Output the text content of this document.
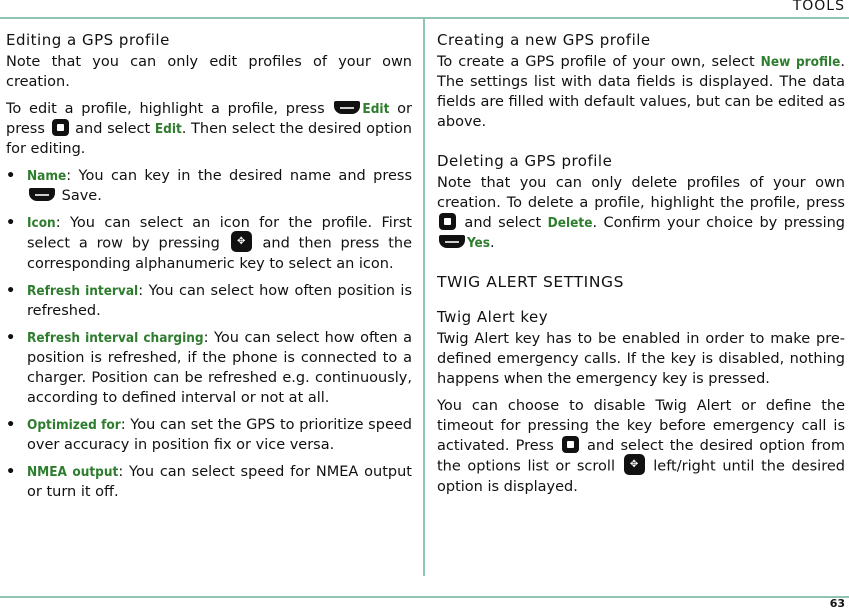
TOOLS
Editing a GPS profile

Note that you can only edit profiles of your own creation.

To edit a profile, highlight a profile, press Edit or press  and select Edit. Then select the desired option for editing.

• Name: You can key in the desired name and press  Save.
• Icon: You can select an icon for the profile. First select a row by pressing ✥ and then press the corresponding alphanumeric key to select an icon.
• Refresh interval: You can select how often position is refreshed.
• Refresh interval charging: You can select how often a position is refreshed, if the phone is connected to a charger. Position can be refreshed e.g. continuously, according to defined interval or not at all.
• Optimized for: You can set the GPS to prioritize speed over accuracy in position fix or vice versa.
• NMEA output: You can select speed for NMEA output or turn it off.
Creating a new GPS profile

To create a GPS profile of your own, select New profile. The settings list with data fields is displayed. The data fields are filled with default values, but can be edited as above.

Deleting a GPS profile

Note that you can only delete profiles of your own creation. To delete a profile, highlight the profile, press  and select Delete. Confirm your choice by pressing Yes.

TWIG ALERT SETTINGS
Twig Alert key

Twig Alert key has to be enabled in order to make pre-defined emergency calls. If the key is disabled, nothing happens when the emergency key is pressed.

You can choose to disable Twig Alert or define the timeout for pressing the key before emergency call is activated. Press  and select the desired option from the options list or scroll ✥ left/right until the desired option is displayed.

63
